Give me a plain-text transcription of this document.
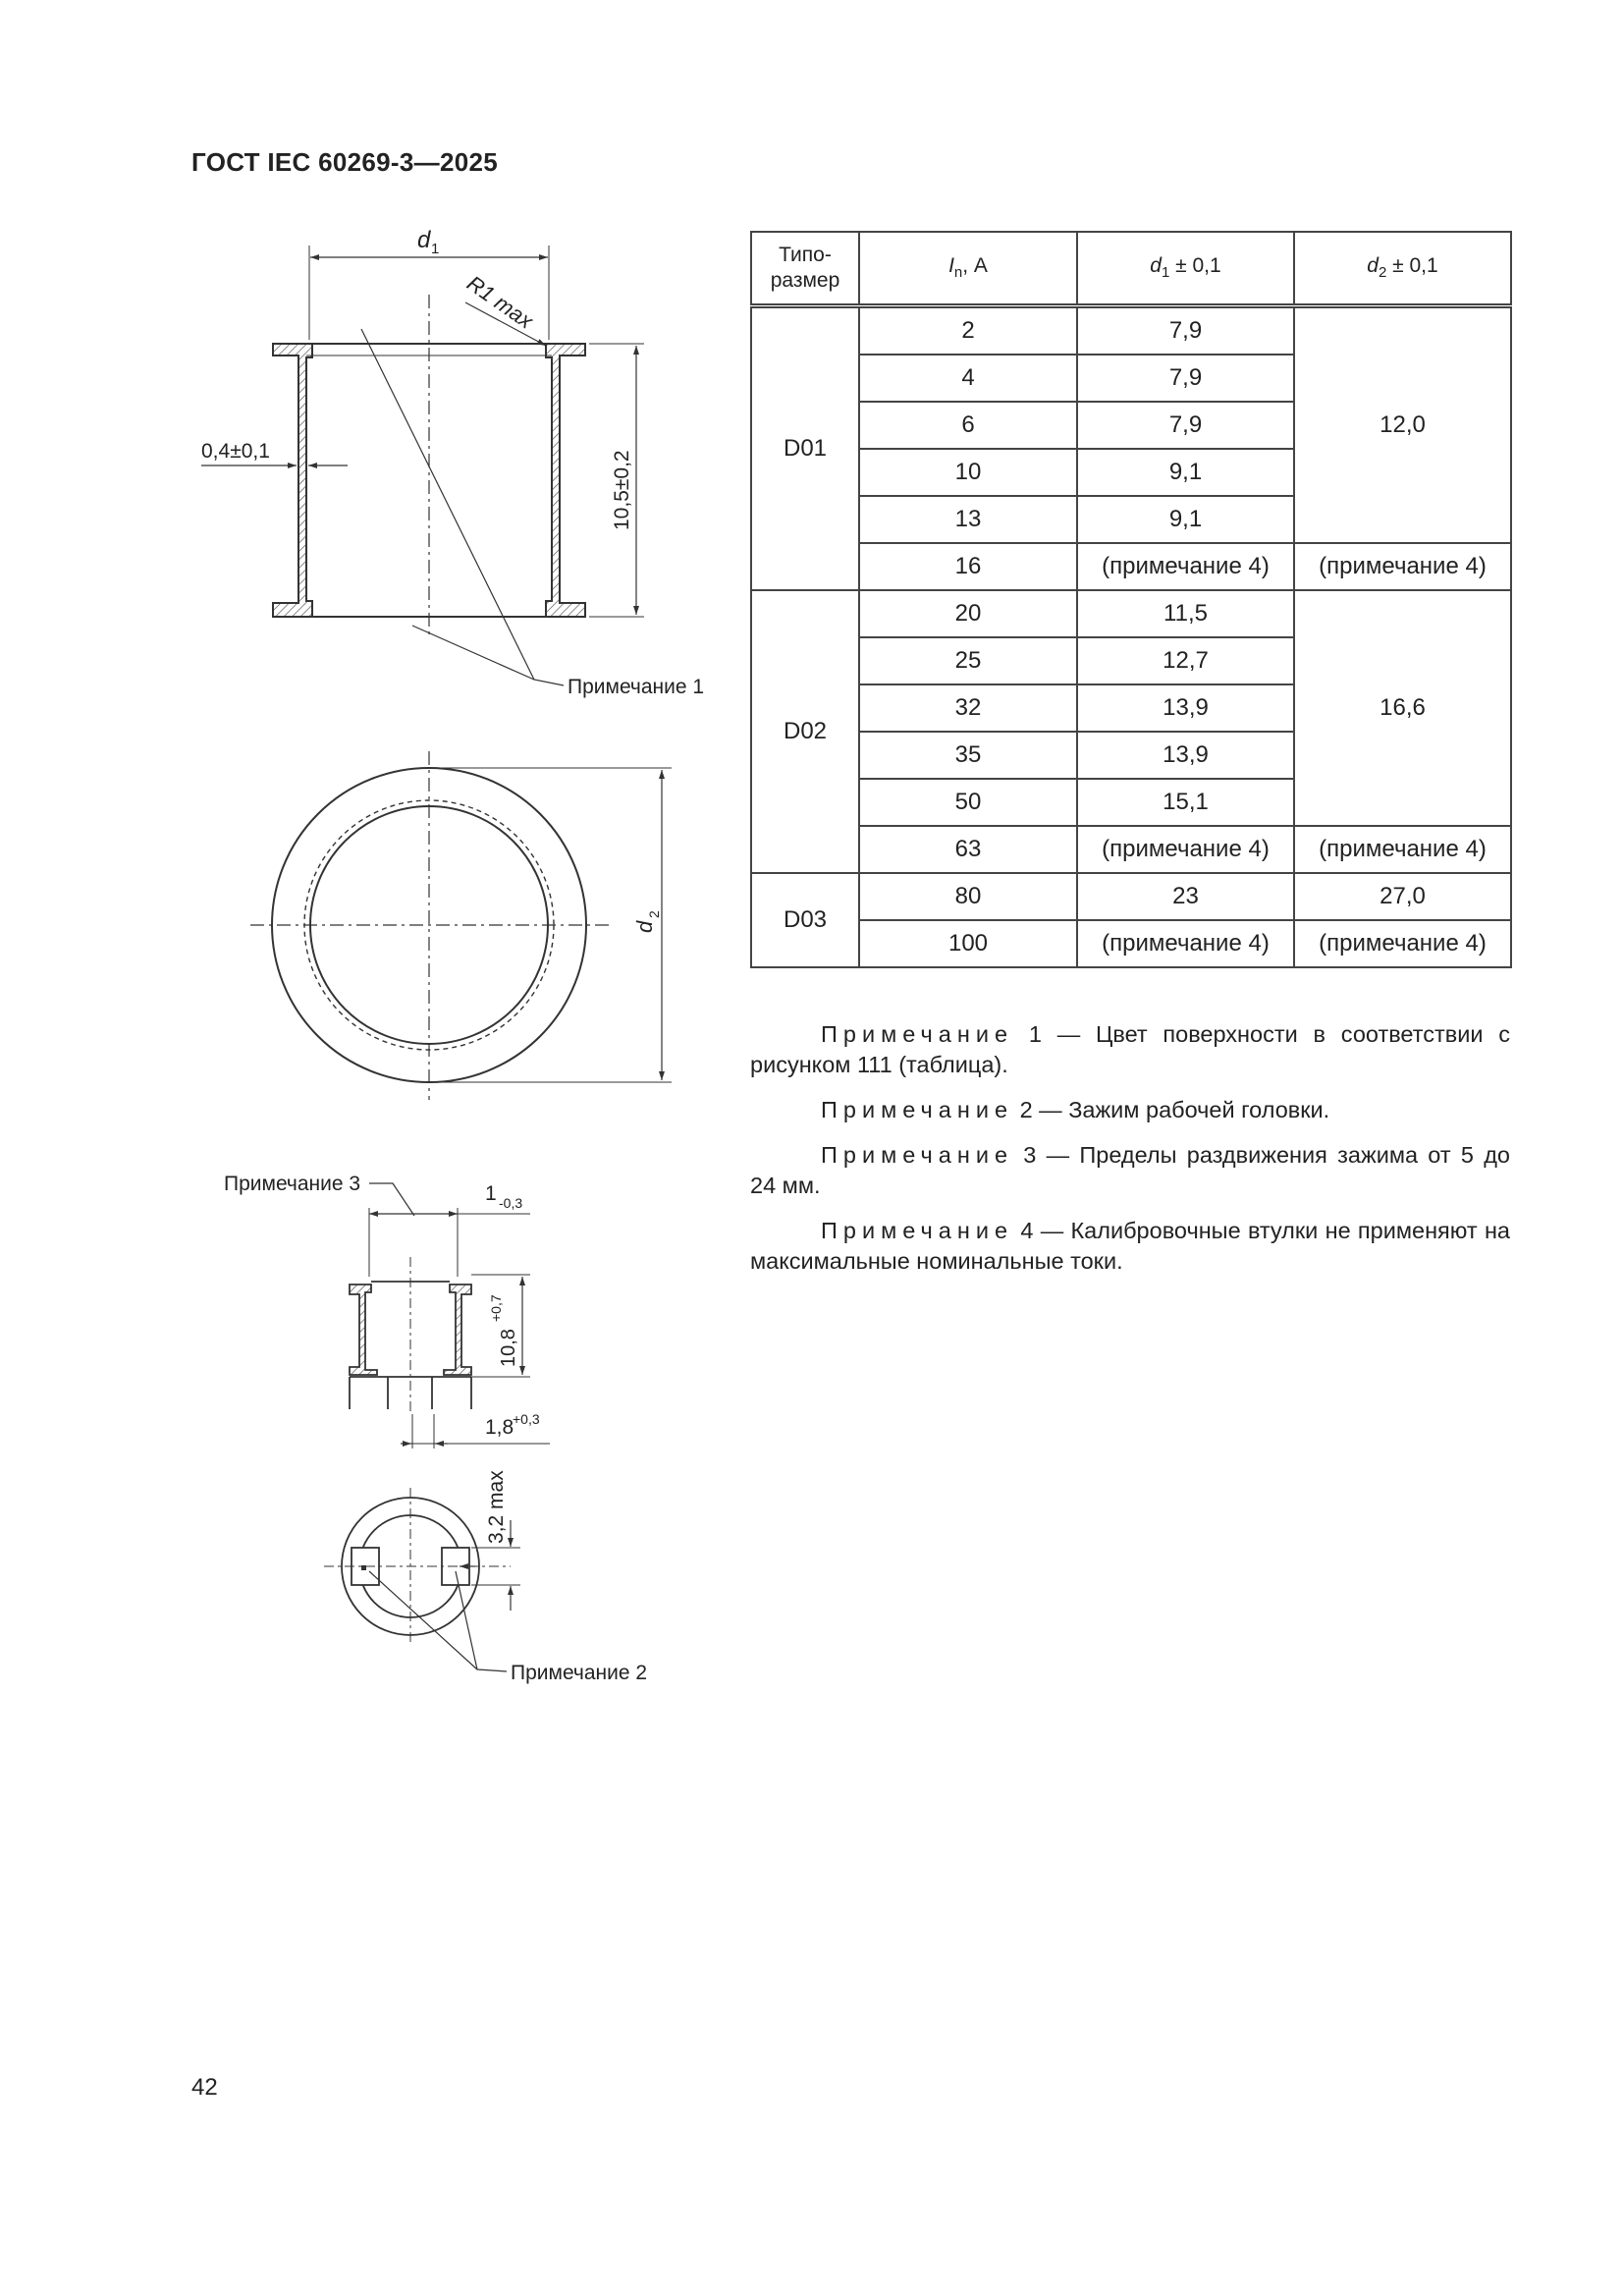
ГОСТ IEC 60269-3—2025
d 1
R1 max
0,4±0,1	10,5±0,2
Примечание 1
d
2
1 -0,3
Примечание 3
10,8
+0,7
1,8
+0,3
3,2 max
Примечание 2
Типо-
размер	$I_n$, А	$d_1 \pm 0,1$	$d_2 \pm 0,1$
D01	2	7,9	12,0
	4	7,9	
	6	7,9	
	10	9,1	
	13	9,1	
	16	(примечание 4)	(примечание 4)
D02	20	11,5	16,6
	25	12,7	
	32	13,9	
	35	13,9	
	50	15,1	
	63	(примечание 4)	(примечание 4)
D03	80	23	27,0
	100	(примечание 4)	(примечание 4)

Примечание 1 — Цвет поверхности в соответствии с рисунком 111 (таблица).

Примечание 2 — Зажим рабочей головки.

Примечание 3 — Пределы раздвижения зажима от 5 до 24 мм.

Примечание 4 — Калибровочные втулки не применяют на максимальные номинальные токи.

42
